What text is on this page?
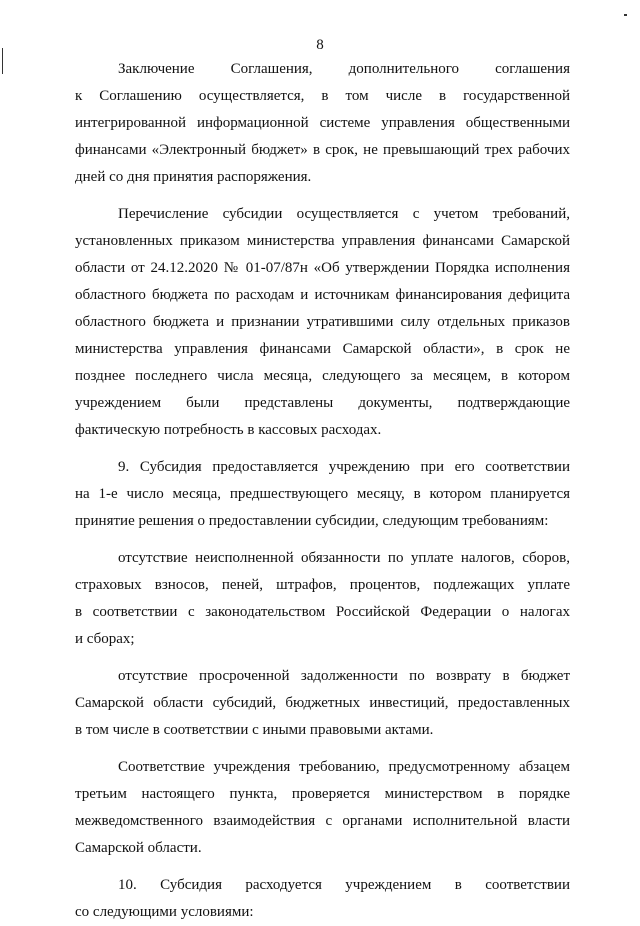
8

Заключение Соглашения, дополнительного соглашения
к Соглашению осуществляется, в том числе в государственной
интегрированной информационной системе управления общественными
финансами «Электронный бюджет» в срок, не превышающий трех рабочих
дней со дня принятия распоряжения.

Перечисление субсидии осуществляется с учетом требований,
установленных приказом министерства управления финансами Самарской
области от 24.12.2020 № 01-07/87н «Об утверждении Порядка исполнения
областного бюджета по расходам и источникам финансирования дефицита
областного бюджета и признании утратившими силу отдельных приказов
министерства управления финансами Самарской области», в срок не
позднее последнего числа месяца, следующего за месяцем, в котором
учреждением были представлены документы, подтверждающие
фактическую потребность в кассовых расходах.

9. Субсидия предоставляется учреждению при его соответствии
на 1-е число месяца, предшествующего месяцу, в котором планируется
принятие решения о предоставлении субсидии, следующим требованиям:

отсутствие неисполненной обязанности по уплате налогов, сборов,
страховых взносов, пеней, штрафов, процентов, подлежащих уплате
в соответствии с законодательством Российской Федерации о налогах
и сборах;

отсутствие просроченной задолженности по возврату в бюджет
Самарской области субсидий, бюджетных инвестиций, предоставленных
в том числе в соответствии с иными правовыми актами.

Соответствие учреждения требованию, предусмотренному абзацем
третьим настоящего пункта, проверяется министерством в порядке
межведомственного взаимодействия с органами исполнительной власти
Самарской области.

10. Субсидия расходуется учреждением в соответствии
со следующими условиями:
